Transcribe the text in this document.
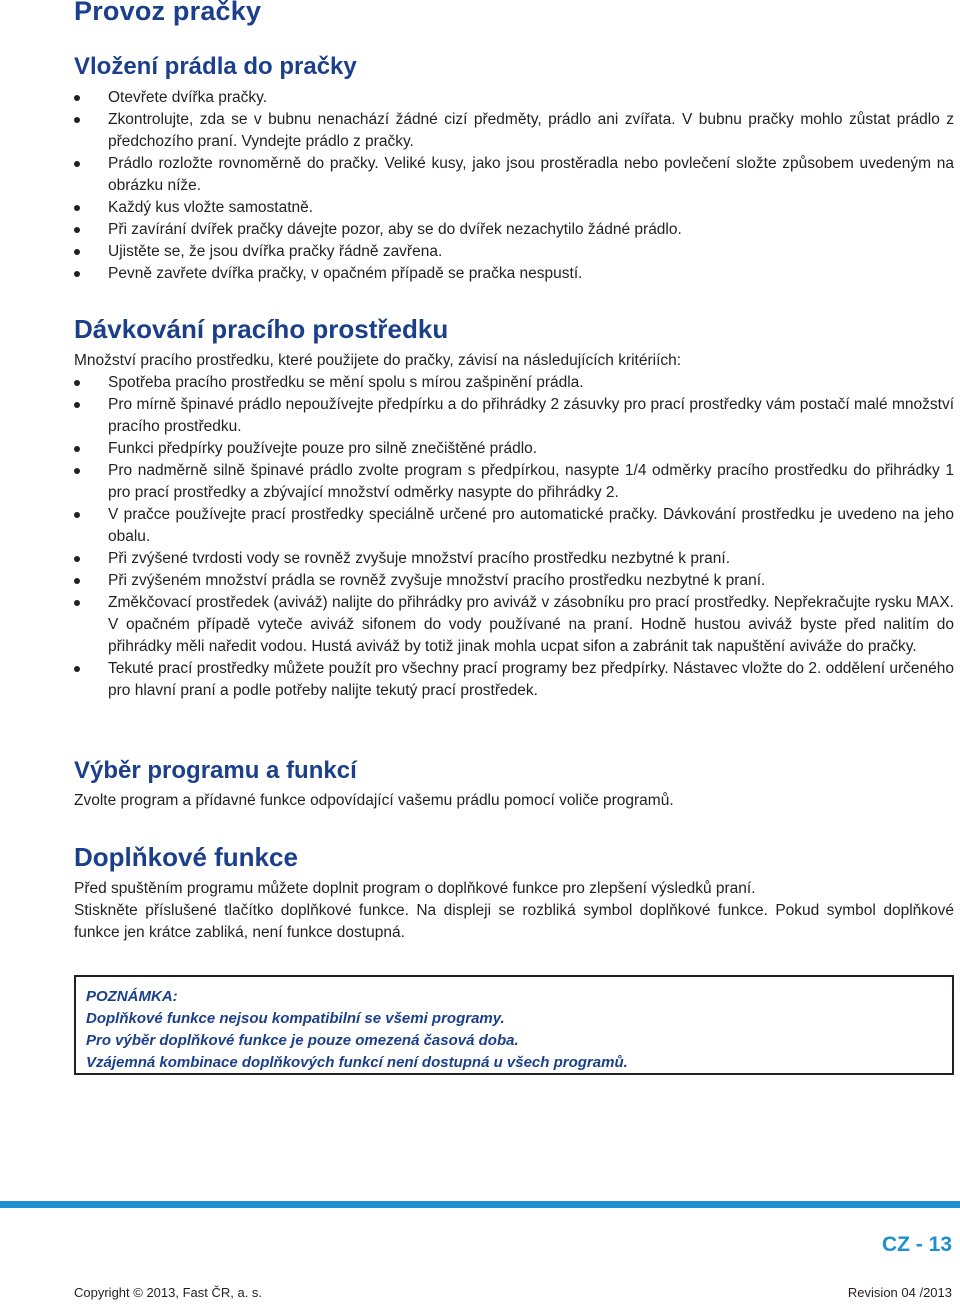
Provoz pračky
Vložení prádla do pračky
Otevřete dvířka pračky.
Zkontrolujte, zda se v bubnu nenachází žádné cizí předměty, prádlo ani zvířata. V bubnu pračky mohlo zůstat prádlo z předchozího praní. Vyndejte prádlo z pračky.
Prádlo rozložte rovnoměrně do pračky. Veliké kusy, jako jsou prostěradla nebo povlečení složte způsobem uvedeným na obrázku níže.
Každý kus vložte samostatně.
Při zavírání dvířek pračky dávejte pozor, aby se do dvířek nezachytilo žádné prádlo.
Ujistěte se, že jsou dvířka pračky řádně zavřena.
Pevně zavřete dvířka pračky, v opačném případě se pračka nespustí.
Dávkování pracího prostředku
Množství pracího prostředku, které použijete do pračky, závisí na následujících kritériích:
Spotřeba pracího prostředku se mění spolu s mírou zašpinění prádla.
Pro mírně špinavé prádlo nepoužívejte předpírku a do přihrádky 2 zásuvky pro prací prostředky vám postačí malé množství pracího prostředku.
Funkci předpírky používejte pouze pro silně znečištěné prádlo.
Pro nadměrně silně špinavé prádlo zvolte program s předpírkou, nasypte 1/4 odměrky pracího prostředku do přihrádky 1 pro prací prostředky a zbývající množství odměrky nasypte do přihrádky 2.
V pračce používejte prací prostředky speciálně určené pro automatické pračky. Dávkování prostředku je uvedeno na jeho obalu.
Při zvýšené tvrdosti vody se rovněž zvyšuje množství pracího prostředku nezbytné k praní.
Při zvýšeném množství prádla se rovněž zvyšuje množství pracího prostředku nezbytné k praní.
Změkčovací prostředek (aviváž) nalijte do přihrádky pro aviváž v zásobníku pro prací prostředky. Nepřekračujte rysku MAX. V opačném případě vyteče aviváž sifonem do vody používané na praní. Hodně hustou aviváž byste před nalitím do přihrádky měli naředit vodou. Hustá aviváž by totiž jinak mohla ucpat sifon a zabránit tak napuštění aviváže do pračky.
Tekuté prací prostředky můžete použít pro všechny prací programy bez předpírky. Nástavec vložte do 2. oddělení určeného pro hlavní praní a podle potřeby nalijte tekutý prací prostředek.
Výběr programu a funkcí
Zvolte program a přídavné funkce odpovídající vašemu prádlu pomocí voliče programů.
Doplňkové funkce
Před spuštěním programu můžete doplnit program o doplňkové funkce pro zlepšení výsledků praní.
Stiskněte příslušené tlačítko doplňkové funkce. Na displeji se rozbliká symbol doplňkové funkce. Pokud symbol doplňkové funkce jen krátce zabliká, není funkce dostupná.
POZNÁMKA:
Doplňkové funkce nejsou kompatibilní se všemi programy.
Pro výběr doplňkové funkce je pouze omezená časová doba.
Vzájemná kombinace doplňkových funkcí není dostupná u všech programů.
CZ - 13
Copyright © 2013, Fast ČR, a. s.	Revision 04 /2013
